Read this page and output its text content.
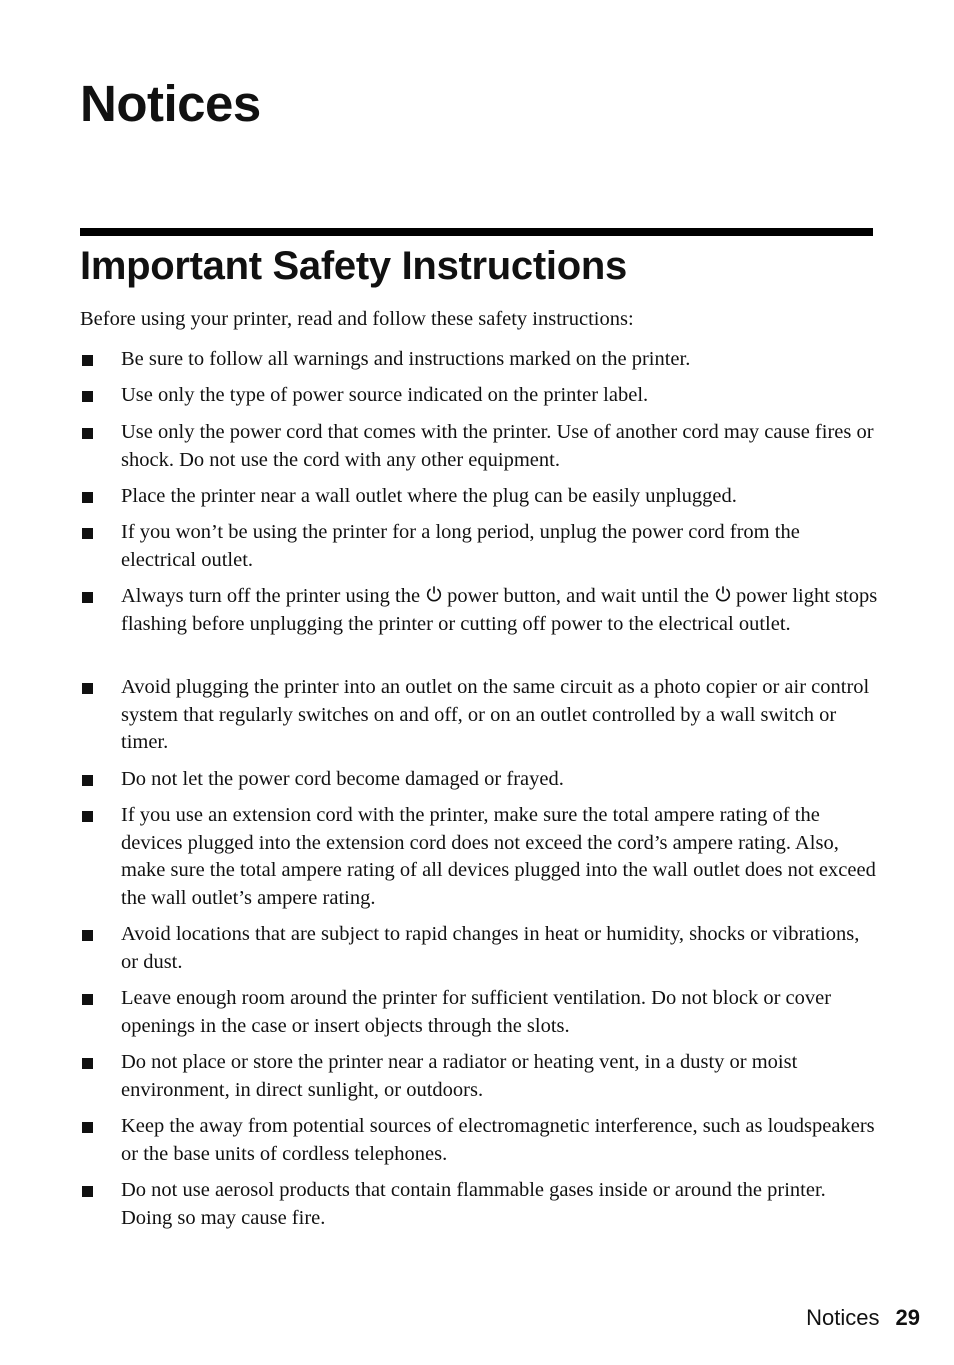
Notices
Important Safety Instructions

Before using your printer, read and follow these safety instructions:

Be sure to follow all warnings and instructions marked on the printer.
Use only the type of power source indicated on the printer label.
Use only the power cord that comes with the printer. Use of another cord may cause fires or shock. Do not use the cord with any other equipment.
Place the printer near a wall outlet where the plug can be easily unplugged.
If you won’t be using the printer for a long period, unplug the power cord from the electrical outlet.
Always turn off the printer using the power button, and wait until the power light stops flashing before unplugging the printer or cutting off power to the electrical outlet.
Avoid plugging the printer into an outlet on the same circuit as a photo copier or air control system that regularly switches on and off, or on an outlet controlled by a wall switch or timer.
Do not let the power cord become damaged or frayed.
If you use an extension cord with the printer, make sure the total ampere rating of the devices plugged into the extension cord does not exceed the cord’s ampere rating. Also, make sure the total ampere rating of all devices plugged into the wall outlet does not exceed the wall outlet’s ampere rating.
Avoid locations that are subject to rapid changes in heat or humidity, shocks or vibrations, or dust.
Leave enough room around the printer for sufficient ventilation. Do not block or cover openings in the case or insert objects through the slots.
Do not place or store the printer near a radiator or heating vent, in a dusty or moist environment, in direct sunlight, or outdoors.
Keep the away from potential sources of electromagnetic interference, such as loudspeakers or the base units of cordless telephones.
Do not use aerosol products that contain flammable gases inside or around the printer. Doing so may cause fire.
Notices 29
